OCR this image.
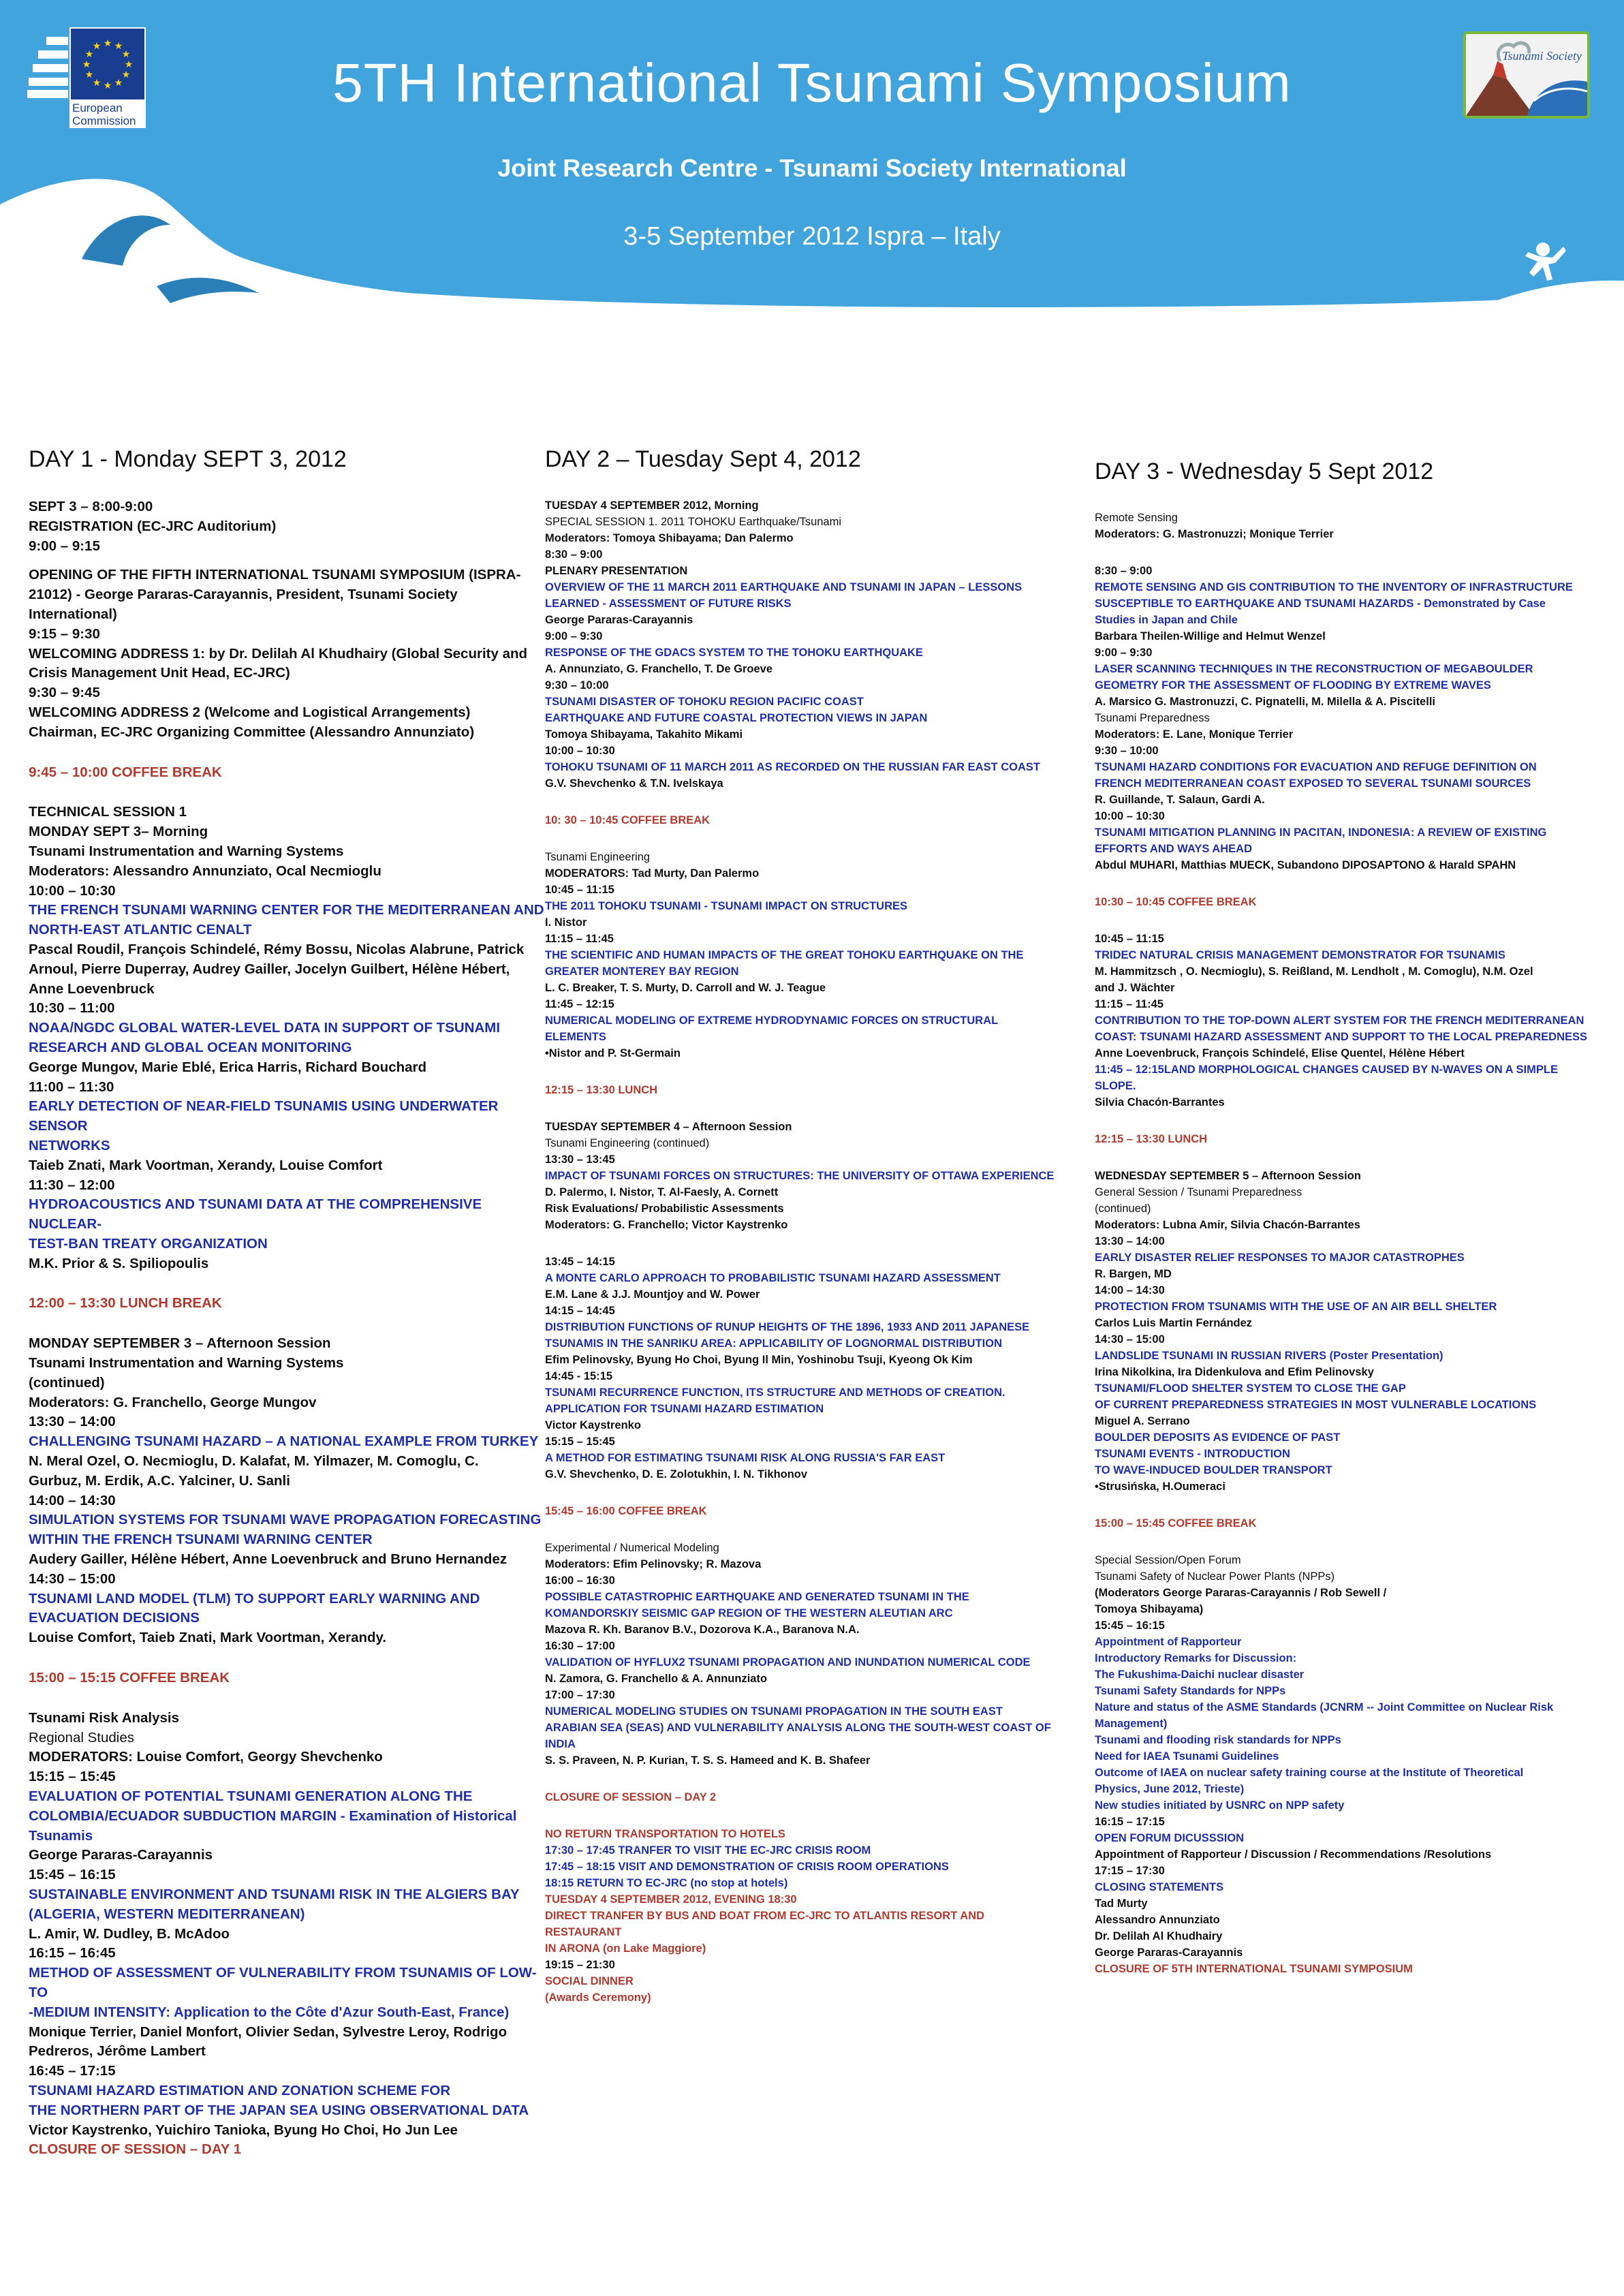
★ ★
★
★
★
★
★
★
★
★
★
★
European
Commission
5TH International Tsunami Symposium
Joint Research Centre - Tsunami Society International
3-5 September 2012 Ispra – Italy
Tsunami Society
DAY 1 - Monday SEPT 3, 2012
SEPT 3 – 8:00-9:00
REGISTRATION (EC-JRC Auditorium)
9:00 – 9:15
OPENING OF THE FIFTH INTERNATIONAL TSUNAMI SYMPOSIUM (ISPRA-
21012) - George Pararas-Carayannis, President, Tsunami Society
International)
9:15 – 9:30
WELCOMING ADDRESS 1: by Dr. Delilah Al Khudhairy (Global Security and
Crisis Management Unit Head, EC-JRC)
9:30 – 9:45
WELCOMING ADDRESS 2 (Welcome and Logistical Arrangements)
Chairman, EC-JRC Organizing Committee (Alessandro Annunziato)
9:45 – 10:00 COFFEE BREAK
TECHNICAL SESSION 1
MONDAY SEPT 3– Morning
Tsunami Instrumentation and Warning Systems
Moderators: Alessandro Annunziato, Ocal Necmioglu
10:00 – 10:30
THE FRENCH TSUNAMI WARNING CENTER FOR THE MEDITERRANEAN AND
NORTH-EAST ATLANTIC CENALT
Pascal Roudil, François Schindelé, Rémy Bossu, Nicolas Alabrune, Patrick
Arnoul, Pierre Duperray, Audrey Gailler, Jocelyn Guilbert, Hélène Hébert,
Anne Loevenbruck
10:30 – 11:00
NOAA/NGDC GLOBAL WATER-LEVEL DATA IN SUPPORT OF TSUNAMI
RESEARCH AND GLOBAL OCEAN MONITORING
George Mungov, Marie Eblé, Erica Harris, Richard Bouchard
11:00 – 11:30
EARLY DETECTION OF NEAR-FIELD TSUNAMIS USING UNDERWATER SENSOR
NETWORKS
Taieb Znati, Mark Voortman, Xerandy, Louise Comfort
11:30 – 12:00
HYDROACOUSTICS AND TSUNAMI DATA AT THE COMPREHENSIVE NUCLEAR-
TEST-BAN TREATY ORGANIZATION
M.K. Prior & S. Spiliopoulis
12:00 – 13:30 LUNCH BREAK
MONDAY SEPTEMBER 3 – Afternoon Session
Tsunami Instrumentation and Warning Systems
(continued)
Moderators: G. Franchello, George Mungov
13:30 – 14:00
CHALLENGING TSUNAMI HAZARD – A NATIONAL EXAMPLE FROM TURKEY
N. Meral Ozel, O. Necmioglu, D. Kalafat, M. Yilmazer, M. Comoglu, C.
Gurbuz, M. Erdik, A.C. Yalciner, U. Sanli
14:00 – 14:30
SIMULATION SYSTEMS FOR TSUNAMI WAVE PROPAGATION FORECASTING
WITHIN THE FRENCH TSUNAMI WARNING CENTER
Audery Gailler, Hélène Hébert, Anne Loevenbruck and Bruno Hernandez
14:30 – 15:00
TSUNAMI LAND MODEL (TLM) TO SUPPORT EARLY WARNING AND
EVACUATION DECISIONS
Louise Comfort, Taieb Znati, Mark Voortman, Xerandy.
15:00 – 15:15 COFFEE BREAK
Tsunami Risk Analysis
Regional Studies
MODERATORS: Louise Comfort, Georgy Shevchenko
15:15 – 15:45
EVALUATION OF POTENTIAL TSUNAMI GENERATION ALONG THE
COLOMBIA/ECUADOR SUBDUCTION MARGIN - Examination of Historical
Tsunamis
George Pararas-Carayannis
15:45 – 16:15
SUSTAINABLE ENVIRONMENT AND TSUNAMI RISK IN THE ALGIERS BAY
(ALGERIA, WESTERN MEDITERRANEAN)
L. Amir, W. Dudley, B. McAdoo
16:15 – 16:45
METHOD OF ASSESSMENT OF VULNERABILITY FROM TSUNAMIS OF LOW-TO
-MEDIUM INTENSITY: Application to the Côte d'Azur South-East, France)
Monique Terrier, Daniel Monfort, Olivier Sedan, Sylvestre Leroy, Rodrigo
Pedreros, Jérôme Lambert
16:45 – 17:15
TSUNAMI HAZARD ESTIMATION AND ZONATION SCHEME FOR
THE NORTHERN PART OF THE JAPAN SEA USING OBSERVATIONAL DATA
Victor Kaystrenko, Yuichiro Tanioka, Byung Ho Choi, Ho Jun Lee
CLOSURE OF SESSION – DAY 1
DAY 2 – Tuesday Sept 4, 2012
TUESDAY 4 SEPTEMBER 2012, Morning
SPECIAL SESSION 1. 2011 TOHOKU Earthquake/Tsunami
Moderators: Tomoya Shibayama; Dan Palermo
8:30 – 9:00
PLENARY PRESENTATION
OVERVIEW OF THE 11 MARCH 2011 EARTHQUAKE AND TSUNAMI IN JAPAN – LESSONS
LEARNED - ASSESSMENT OF FUTURE RISKS
George Pararas-Carayannis
9:00 – 9:30
RESPONSE OF THE GDACS SYSTEM TO THE TOHOKU EARTHQUAKE
A. Annunziato, G. Franchello, T. De Groeve
9:30 – 10:00
TSUNAMI DISASTER OF TOHOKU REGION PACIFIC COAST
EARTHQUAKE AND FUTURE COASTAL PROTECTION VIEWS IN JAPAN
Tomoya Shibayama, Takahito Mikami
10:00 – 10:30
TOHOKU TSUNAMI OF 11 MARCH 2011 AS RECORDED ON THE RUSSIAN FAR EAST COAST
G.V. Shevchenko & T.N. Ivelskaya
10: 30 – 10:45 COFFEE BREAK
Tsunami Engineering
MODERATORS: Tad Murty, Dan Palermo
10:45 – 11:15
THE 2011 TOHOKU TSUNAMI - TSUNAMI IMPACT ON STRUCTURES
I. Nistor
11:15 – 11:45
THE SCIENTIFIC AND HUMAN IMPACTS OF THE GREAT TOHOKU EARTHQUAKE ON THE
GREATER MONTEREY BAY REGION
L. C. Breaker, T. S. Murty, D. Carroll and W. J. Teague
11:45 – 12:15
NUMERICAL MODELING OF EXTREME HYDRODYNAMIC FORCES ON STRUCTURAL
ELEMENTS
•Nistor and P. St-Germain
12:15 – 13:30 LUNCH
TUESDAY SEPTEMBER 4 – Afternoon Session
Tsunami Engineering (continued)
13:30 – 13:45
IMPACT OF TSUNAMI FORCES ON STRUCTURES: THE UNIVERSITY OF OTTAWA EXPERIENCE
D. Palermo, I. Nistor, T. Al-Faesly, A. Cornett
Risk Evaluations/ Probabilistic Assessments
Moderators: G. Franchello; Victor Kaystrenko
13:45 – 14:15
A MONTE CARLO APPROACH TO PROBABILISTIC TSUNAMI HAZARD ASSESSMENT
E.M. Lane & J.J. Mountjoy and W. Power
14:15 – 14:45
DISTRIBUTION FUNCTIONS OF RUNUP HEIGHTS OF THE 1896, 1933 AND 2011 JAPANESE
TSUNAMIS IN THE SANRIKU AREA: APPLICABILITY OF LOGNORMAL DISTRIBUTION
Efim Pelinovsky, Byung Ho Choi, Byung Il Min, Yoshinobu Tsuji, Kyeong Ok Kim
14:45 - 15:15
TSUNAMI RECURRENCE FUNCTION, ITS STRUCTURE AND METHODS OF CREATION.
APPLICATION FOR TSUNAMI HAZARD ESTIMATION
Victor Kaystrenko
15:15 – 15:45
A METHOD FOR ESTIMATING TSUNAMI RISK ALONG RUSSIA'S FAR EAST
G.V. Shevchenko, D. E. Zolotukhin, I. N. Tikhonov
15:45 – 16:00 COFFEE BREAK
Experimental / Numerical Modeling
Moderators: Efim Pelinovsky; R. Mazova
16:00 – 16:30
POSSIBLE CATASTROPHIC EARTHQUAKE AND GENERATED TSUNAMI IN THE
KOMANDORSKIY SEISMIC GAP REGION OF THE WESTERN ALEUTIAN ARC
Mazova R. Kh. Baranov B.V., Dozorova K.A., Baranova N.A.
16:30 – 17:00
VALIDATION OF HYFLUX2 TSUNAMI PROPAGATION AND INUNDATION NUMERICAL CODE
N. Zamora, G. Franchello & A. Annunziato
17:00 – 17:30
NUMERICAL MODELING STUDIES ON TSUNAMI PROPAGATION IN THE SOUTH EAST
ARABIAN SEA (SEAS) AND VULNERABILITY ANALYSIS ALONG THE SOUTH-WEST COAST OF
INDIA
S. S. Praveen, N. P. Kurian, T. S. S. Hameed and K. B. Shafeer
CLOSURE OF SESSION – DAY 2
NO RETURN TRANSPORTATION TO HOTELS
17:30 – 17:45 TRANFER TO VISIT THE EC-JRC CRISIS ROOM
17:45 – 18:15 VISIT AND DEMONSTRATION OF CRISIS ROOM OPERATIONS
18:15 RETURN TO EC-JRC (no stop at hotels)
TUESDAY 4 SEPTEMBER 2012, EVENING 18:30
DIRECT TRANFER BY BUS AND BOAT FROM EC-JRC TO ATLANTIS RESORT AND RESTAURANT
IN ARONA (on Lake Maggiore)
19:15 – 21:30
SOCIAL DINNER
(Awards Ceremony)
DAY 3 - Wednesday 5 Sept 2012
Remote Sensing
Moderators: G. Mastronuzzi; Monique Terrier
8:30 – 9:00
REMOTE SENSING AND GIS CONTRIBUTION TO THE INVENTORY OF INFRASTRUCTURE
SUSCEPTIBLE TO EARTHQUAKE AND TSUNAMI HAZARDS - Demonstrated by Case
Studies in Japan and Chile
Barbara Theilen-Willige and Helmut Wenzel
9:00 – 9:30
LASER SCANNING TECHNIQUES IN THE RECONSTRUCTION OF MEGABOULDER
GEOMETRY FOR THE ASSESSMENT OF FLOODING BY EXTREME WAVES
A. Marsico G. Mastronuzzi, C. Pignatelli, M. Milella & A. Piscitelli
Tsunami Preparedness
Moderators: E. Lane, Monique Terrier
9:30 – 10:00
TSUNAMI HAZARD CONDITIONS FOR EVACUATION AND REFUGE DEFINITION ON
FRENCH MEDITERRANEAN COAST EXPOSED TO SEVERAL TSUNAMI SOURCES
R. Guillande, T. Salaun, Gardi A.
10:00 – 10:30
TSUNAMI MITIGATION PLANNING IN PACITAN, INDONESIA: A REVIEW OF EXISTING
EFFORTS AND WAYS AHEAD
Abdul MUHARI, Matthias MUECK, Subandono DIPOSAPTONO & Harald SPAHN
10:30 – 10:45 COFFEE BREAK
10:45 – 11:15
TRIDEC NATURAL CRISIS MANAGEMENT DEMONSTRATOR FOR TSUNAMIS
M. Hammitzsch , O. Necmioglu), S. Reißland, M. Lendholt , M. Comoglu), N.M. Ozel
and J. Wächter
11:15 – 11:45
CONTRIBUTION TO THE TOP-DOWN ALERT SYSTEM FOR THE FRENCH MEDITERRANEAN
COAST: TSUNAMI HAZARD ASSESSMENT AND SUPPORT TO THE LOCAL PREPAREDNESS
Anne Loevenbruck, François Schindelé, Elise Quentel, Hélène Hébert
11:45 – 12:15LAND MORPHOLOGICAL CHANGES CAUSED BY N-WAVES ON A SIMPLE
SLOPE.
Silvia Chacón-Barrantes
12:15 – 13:30 LUNCH
WEDNESDAY SEPTEMBER 5 – Afternoon Session
General Session / Tsunami Preparedness
(continued)
Moderators: Lubna Amir, Silvia Chacón-Barrantes
13:30 – 14:00
EARLY DISASTER RELIEF RESPONSES TO MAJOR CATASTROPHES
R. Bargen, MD
14:00 – 14:30
PROTECTION FROM TSUNAMIS WITH THE USE OF AN AIR BELL SHELTER
Carlos Luis Martin Fernández
14:30 – 15:00
LANDSLIDE TSUNAMI IN RUSSIAN RIVERS (Poster Presentation)
Irina Nikolkina, Ira Didenkulova and Efim Pelinovsky
TSUNAMI/FLOOD SHELTER SYSTEM TO CLOSE THE GAP
OF CURRENT PREPAREDNESS STRATEGIES IN MOST VULNERABLE LOCATIONS
Miguel A. Serrano
BOULDER DEPOSITS AS EVIDENCE OF PAST
TSUNAMI EVENTS - INTRODUCTION
TO WAVE-INDUCED BOULDER TRANSPORT
•Strusińska, H.Oumeraci
15:00 – 15:45 COFFEE BREAK
Special Session/Open Forum
Tsunami Safety of Nuclear Power Plants (NPPs)
(Moderators George Pararas-Carayannis / Rob Sewell /
Tomoya Shibayama)
15:45 – 16:15
Appointment of Rapporteur
Introductory Remarks for Discussion:
The Fukushima-Daichi nuclear disaster
Tsunami Safety Standards for NPPs
Nature and status of the ASME Standards (JCNRM -- Joint Committee on Nuclear Risk
Management)
Tsunami and flooding risk standards for NPPs
Need for IAEA Tsunami Guidelines
Outcome of IAEA on nuclear safety training course at the Institute of Theoretical
Physics, June 2012, Trieste)
New studies initiated by USNRC on NPP safety
16:15 – 17:15
OPEN FORUM DICUSSSION
Appointment of Rapporteur / Discussion / Recommendations /Resolutions
17:15 – 17:30
CLOSING STATEMENTS
Tad Murty
Alessandro Annunziato
Dr. Delilah Al Khudhairy
George Pararas-Carayannis
CLOSURE OF 5TH INTERNATIONAL TSUNAMI SYMPOSIUM
